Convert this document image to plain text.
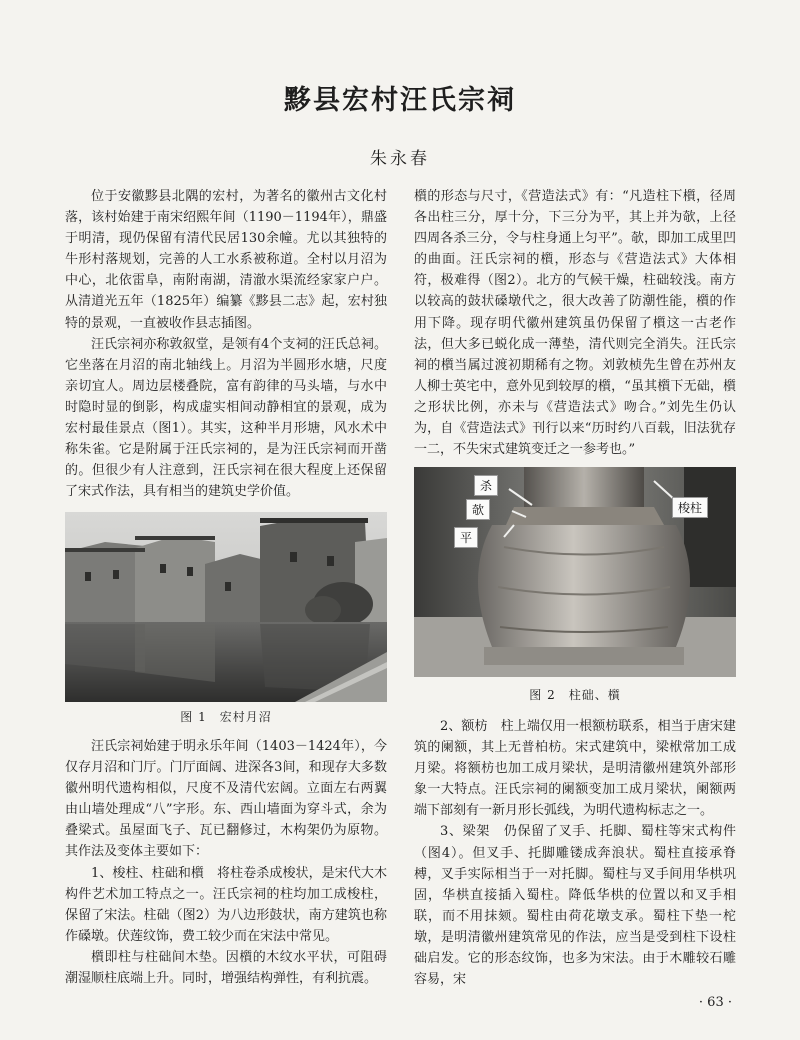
黟县宏村汪氏宗祠
朱永春

位于安徽黟县北隅的宏村，为著名的徽州古文化村落，该村始建于南宋绍熙年间（1190－1194年），鼎盛于明清，现仍保留有清代民居130余幢。尤以其独特的牛形村落规划，完善的人工水系被称道。全村以月沼为中心，北依雷阜，南附南湖，清澈水渠流经家家户户。从清道光五年（1825年）编纂《黟县二志》起，宏村独特的景观，一直被收作县志插图。

汪氏宗祠亦称敦叙堂，是领有4个支祠的汪氏总祠。它坐落在月沼的南北轴线上。月沼为半圆形水塘，尺度亲切宜人。周边层楼叠院，富有韵律的马头墙，与水中时隐时显的倒影，构成虚实相间动静相宜的景观，成为宏村最佳景点（图1）。其实，这种半月形塘，风水术中称朱雀。它是附属于汪氏宗祠的，是为汪氏宗祠而开凿的。但很少有人注意到，汪氏宗祠在很大程度上还保留了宋式作法，具有相当的建筑史学价值。

图 1　宏村月沼

汪氏宗祠始建于明永乐年间（1403－1424年），今仅存月沼和门厅。门厅面阔、进深各3间，和现存大多数徽州明代遗构相似，尺度不及清代宏阔。立面左右两翼由山墙处理成“八”字形。东、西山墙面为穿斗式，余为叠梁式。虽屋面飞子、瓦已翻修过，木构架仍为原物。其作法及变体主要如下：

1、梭柱、柱础和櫍　将柱卷杀成梭状，是宋代大木构件艺术加工特点之一。汪氏宗祠的柱均加工成梭柱，保留了宋法。柱础（图2）为八边形鼓状，南方建筑也称作磉墩。伏莲纹饰，费工较少而在宋法中常见。

櫍即柱与柱础间木垫。因櫍的木纹水平状，可阻碍潮湿顺柱底端上升。同时，增强结构弹性，有利抗震。

櫍的形态与尺寸，《营造法式》有：“凡造柱下櫍，径周各出柱三分，厚十分，下三分为平，其上并为欹，上径四周各杀三分，令与柱身通上匀平”。欹，即加工成里凹的曲面。汪氏宗祠的櫍，形态与《营造法式》大体相符，极难得（图2）。北方的气候干燥，柱础较浅。南方以较高的鼓状磉墩代之，很大改善了防潮性能，櫍的作用下降。现存明代徽州建筑虽仍保留了櫍这一古老作法，但大多已蜕化成一薄垫，清代则完全消失。汪氏宗祠的櫍当属过渡初期稀有之物。刘敦桢先生曾在苏州友人柳士英宅中，意外见到较厚的櫍，“虽其櫍下无础，櫍之形状比例，亦未与《营造法式》吻合。”刘先生仍认为，自《营造法式》刊行以来“历时约八百载，旧法犹存一二，不失宋式建筑变迁之一参考也。”

杀
欹
平
梭柱
图 2　柱础、櫍

2、额枋　柱上端仅用一根额枋联系，相当于唐宋建筑的阑额，其上无普柏枋。宋式建筑中，梁栿常加工成月梁。将额枋也加工成月梁状，是明清徽州建筑外部形象一大特点。汪氏宗祠的阑额变加工成月梁状，阑额两端下部刻有一新月形长弧线，为明代遗构标志之一。

3、梁架　仍保留了叉手、托脚、蜀柱等宋式构件（图4）。但叉手、托脚雕镂成奔浪状。蜀柱直接承脊榑，叉手实际相当于一对托脚。蜀柱与叉手间用华栱巩固，华栱直接插入蜀柱。降低华栱的位置以和叉手相联，而不用抹颏。蜀柱由荷花墩支承。蜀柱下垫一柁墩，是明清徽州建筑常见的作法，应当是受到柱下设柱础启发。它的形态纹饰，也多为宋法。由于木雕较石雕容易，宋

· 63 ·
